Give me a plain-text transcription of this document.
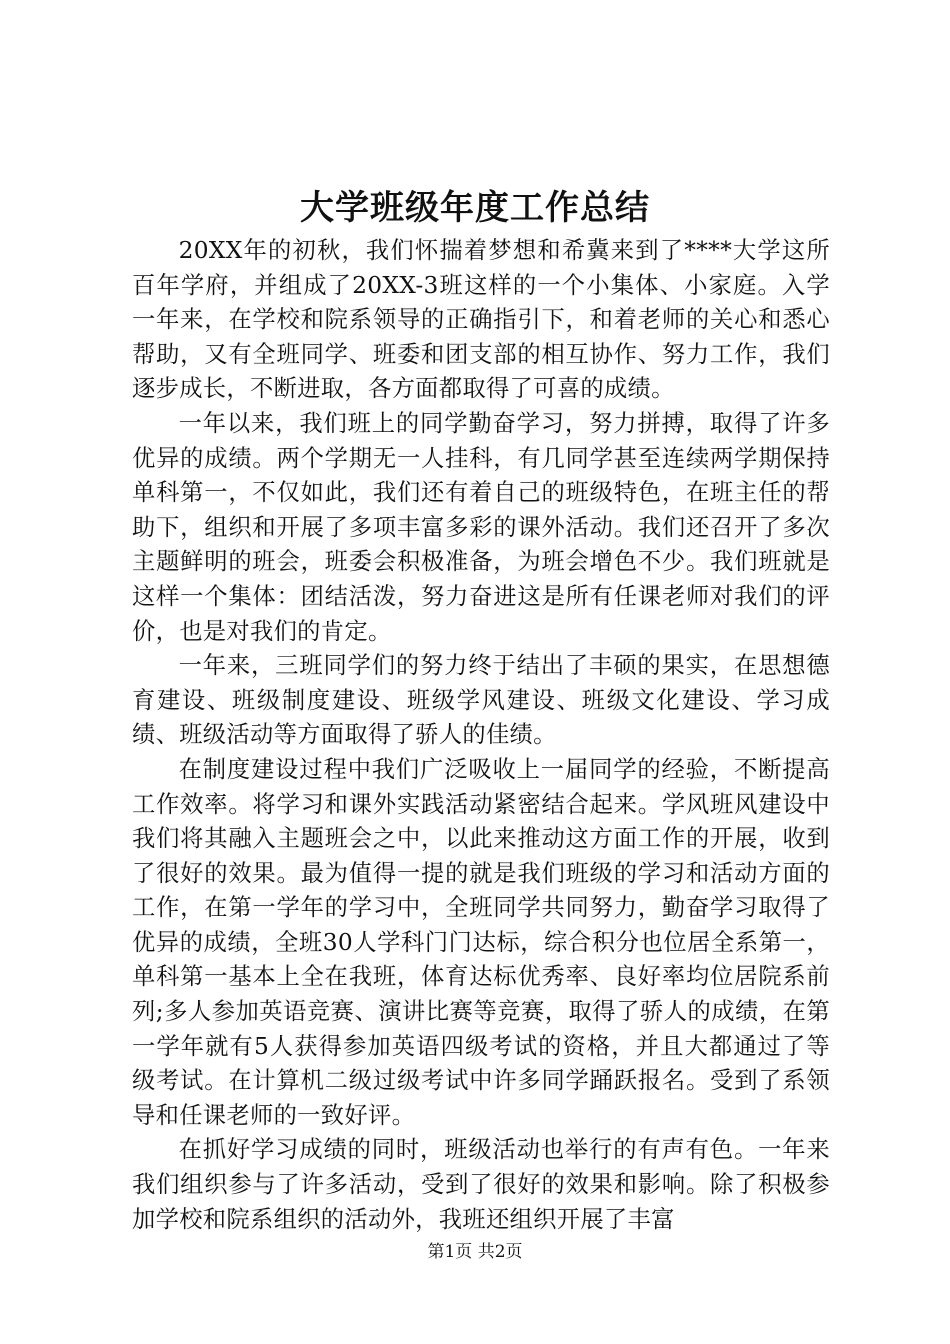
大学班级年度工作总结

20XX年的初秋，我们怀揣着梦想和希冀来到了****大学这所百年学府，并组成了20XX-3班这样的一个小集体、小家庭。入学一年来，在学校和院系领导的正确指引下，和着老师的关心和悉心帮助，又有全班同学、班委和团支部的相互协作、努力工作，我们逐步成长，不断进取，各方面都取得了可喜的成绩。

一年以来，我们班上的同学勤奋学习，努力拼搏，取得了许多优异的成绩。两个学期无一人挂科，有几同学甚至连续两学期保持单科第一，不仅如此，我们还有着自己的班级特色，在班主任的帮助下，组织和开展了多项丰富多彩的课外活动。我们还召开了多次主题鲜明的班会，班委会积极准备，为班会增色不少。我们班就是这样一个集体：团结活泼，努力奋进这是所有任课老师对我们的评价，也是对我们的肯定。

一年来，三班同学们的努力终于结出了丰硕的果实，在思想德育建设、班级制度建设、班级学风建设、班级文化建设、学习成绩、班级活动等方面取得了骄人的佳绩。

在制度建设过程中我们广泛吸收上一届同学的经验，不断提高工作效率。将学习和课外实践活动紧密结合起来。学风班风建设中我们将其融入主题班会之中，以此来推动这方面工作的开展，收到了很好的效果。最为值得一提的就是我们班级的学习和活动方面的工作，在第一学年的学习中，全班同学共同努力，勤奋学习取得了优异的成绩，全班30人学科门门达标，综合积分也位居全系第一，单科第一基本上全在我班，体育达标优秀率、良好率均位居院系前列;多人参加英语竞赛、演讲比赛等竞赛，取得了骄人的成绩，在第一学年就有5人获得参加英语四级考试的资格，并且大都通过了等级考试。在计算机二级过级考试中许多同学踊跃报名。受到了系领导和任课老师的一致好评。

在抓好学习成绩的同时，班级活动也举行的有声有色。一年来我们组织参与了许多活动，受到了很好的效果和影响。除了积极参加学校和院系组织的活动外，我班还组织开展了丰富

第1页 共2页
